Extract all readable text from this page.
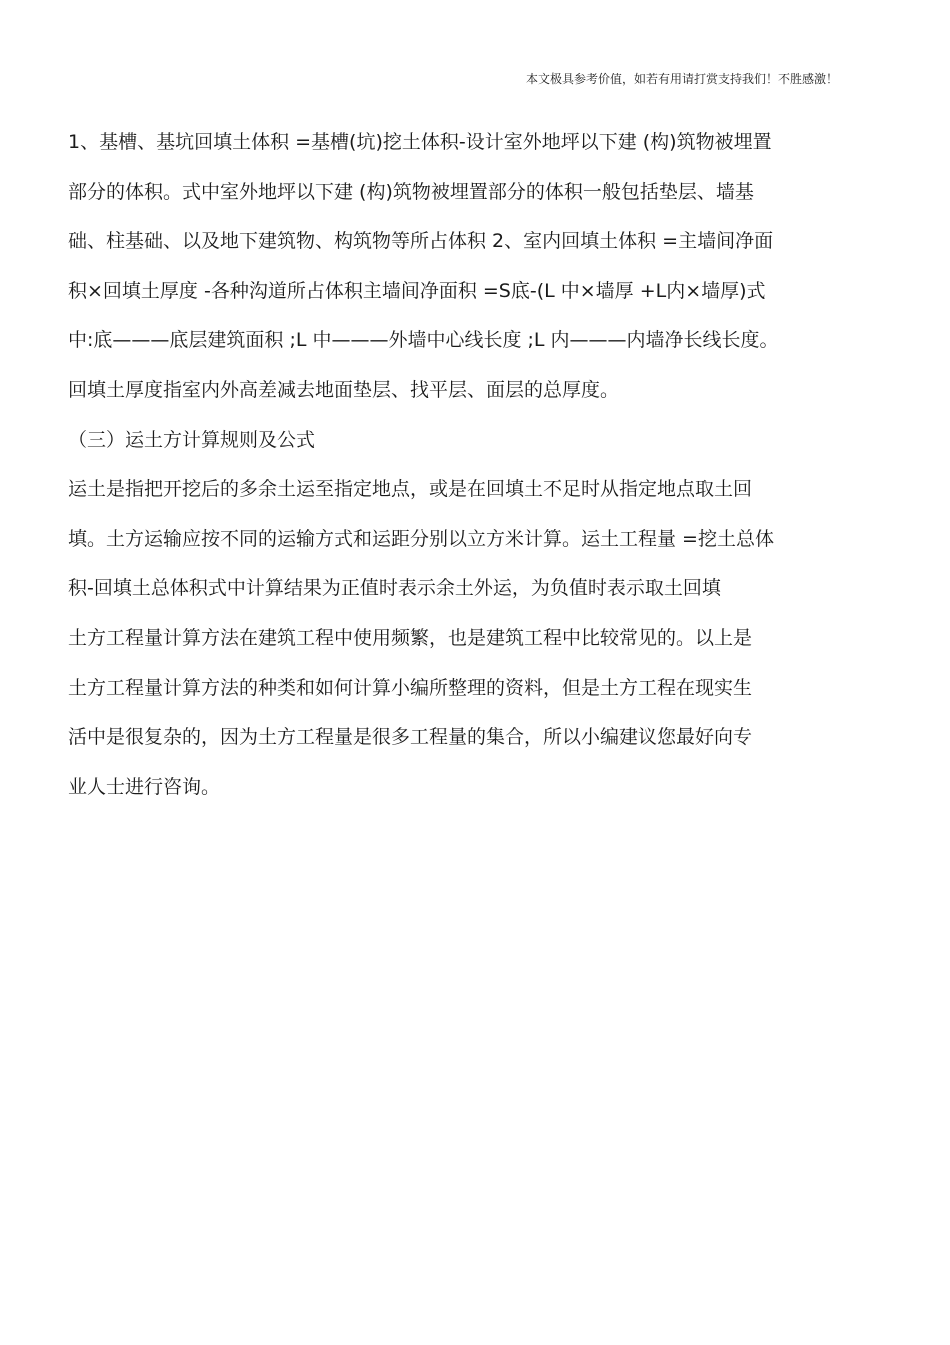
本文极具参考价值，如若有用请打赏支持我们！不胜感激！
1、基槽、基坑回填土体积 =基槽(坑)挖土体积-设计室外地坪以下建 (构)筑物被埋置
部分的体积。式中室外地坪以下建 (构)筑物被埋置部分的体积一般包括垫层、墙基
础、柱基础、以及地下建筑物、构筑物等所占体积 2、室内回填土体积 =主墙间净面
积×回填土厚度 -各种沟道所占体积主墙间净面积 =S底-(L 中×墙厚 +L内×墙厚)式
中:底———底层建筑面积 ;L 中———外墙中心线长度 ;L 内———内墙净长线长度。
回填土厚度指室内外高差减去地面垫层、找平层、面层的总厚度。
（三）运土方计算规则及公式
运土是指把开挖后的多余土运至指定地点，或是在回填土不足时从指定地点取土回
填。土方运输应按不同的运输方式和运距分别以立方米计算。运土工程量 =挖土总体
积-回填土总体积式中计算结果为正值时表示余土外运，为负值时表示取土回填
土方工程量计算方法在建筑工程中使用频繁，也是建筑工程中比较常见的。以上是
土方工程量计算方法的种类和如何计算小编所整理的资料，但是土方工程在现实生
活中是很复杂的，因为土方工程量是很多工程量的集合，所以小编建议您最好向专
业人士进行咨询。
